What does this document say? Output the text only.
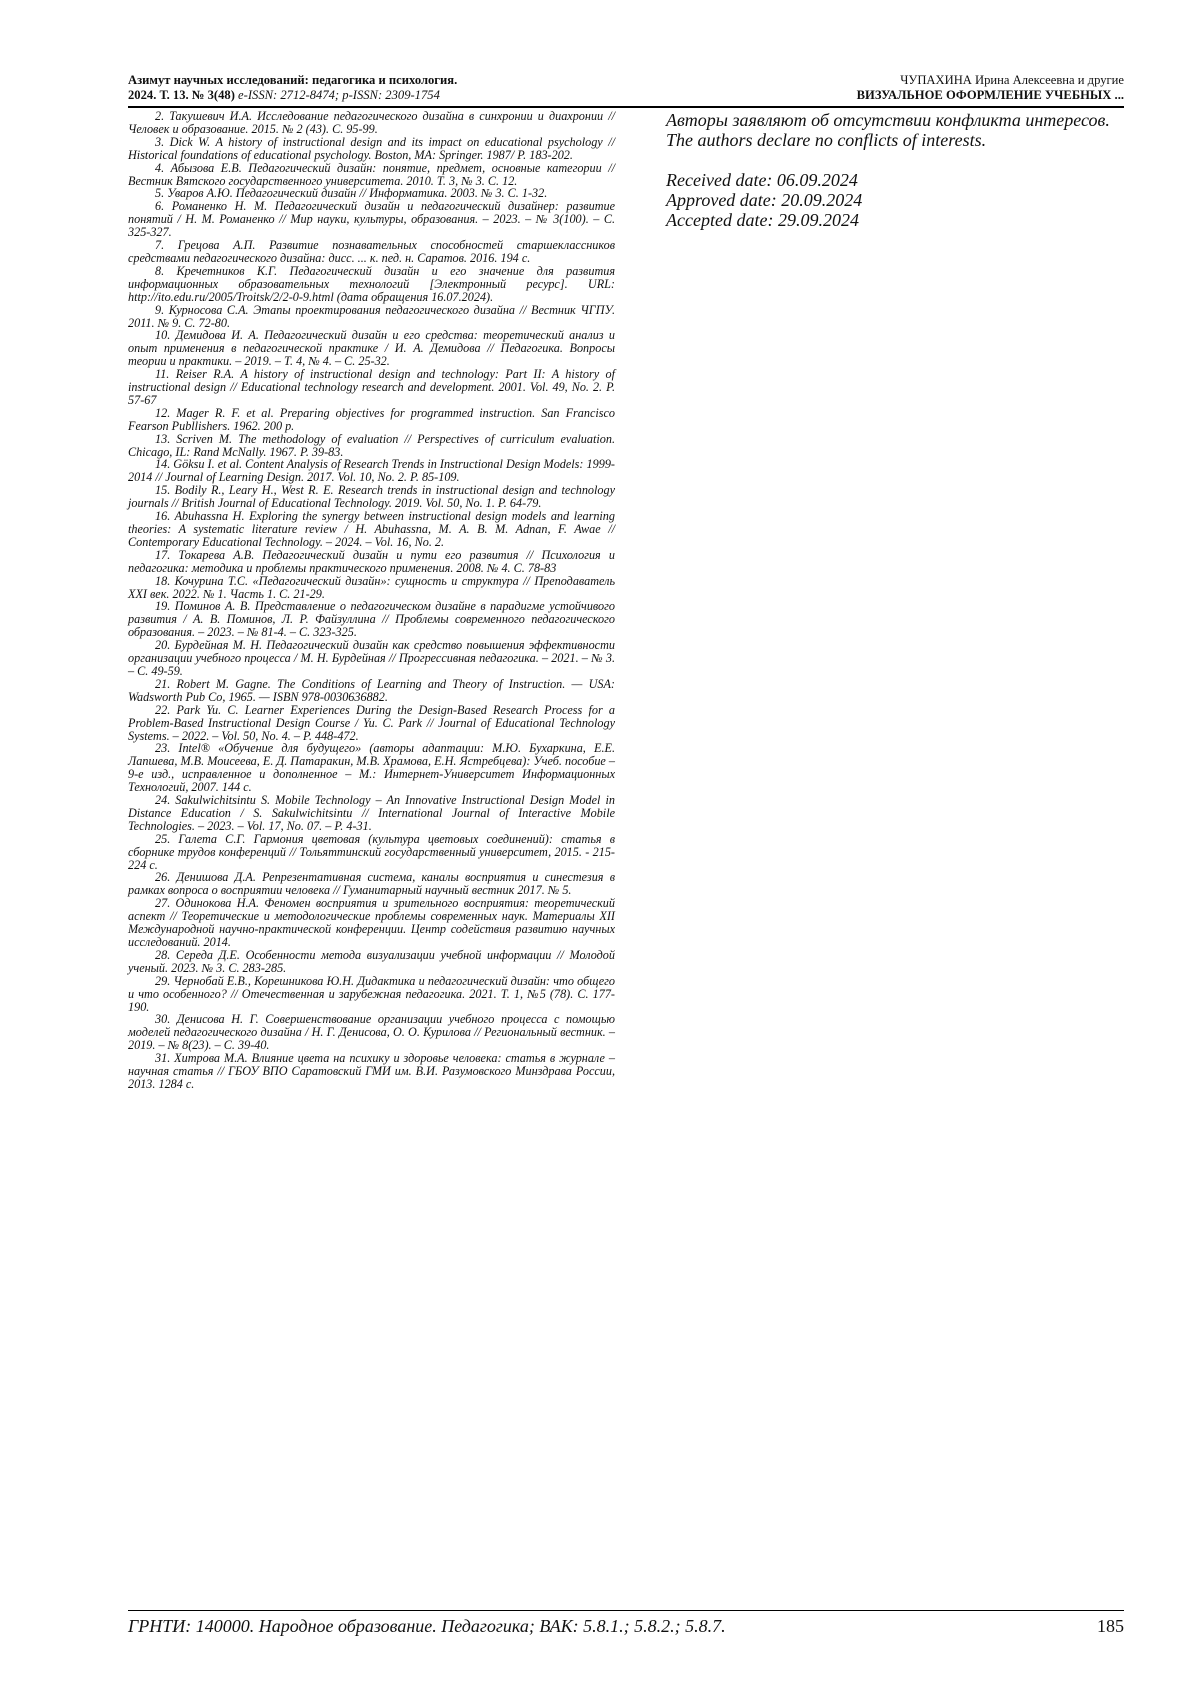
Азимут научных исследований: педагогика и психология.
2024. Т. 13. № 3(48) e-ISSN: 2712-8474; p-ISSN: 2309-1754
ЧУПАХИНА Ирина Алексеевна и другие
ВИЗУАЛЬНОЕ ОФОРМЛЕНИЕ УЧЕБНЫХ ...

2. Такушевич И.А. Исследование педагогического дизайна в синхронии и диахронии // Человек и образование. 2015. № 2 (43). С. 95-99.

3. Dick W. A history of instructional design and its impact on educational psychology // Historical foundations of educational psychology. Boston, MA: Springer. 1987/ P. 183-202.

4. Абызова Е.В. Педагогический дизайн: понятие, предмет, основные категории // Вестник Вятского государственного университета. 2010. Т. 3, № 3. С. 12.

5. Уваров А.Ю. Педагогический дизайн // Информатика. 2003. № 3. С. 1-32.

6. Романенко Н. М. Педагогический дизайн и педагогический дизайнер: развитие понятий / Н. М. Романенко // Мир науки, культуры, образования. – 2023. – № 3(100). – С. 325-327.

7. Грецова А.П. Развитие познавательных способностей старшеклассников средствами педагогического дизайна: дисс. ... к. пед. н. Саратов. 2016. 194 с.

8. Кречетников К.Г. Педагогический дизайн и его значение для развития информационных образовательных технологий [Электронный ресурс]. URL: http://ito.edu.ru/2005/Troitsk/2/2-0-9.html (дата обращения 16.07.2024).

9. Курносова С.А. Этапы проектирования педагогического дизайна // Вестник ЧГПУ. 2011. № 9. С. 72-80.

10. Демидова И. А. Педагогический дизайн и его средства: теоретический анализ и опыт применения в педагогической практике / И. А. Демидова // Педагогика. Вопросы теории и практики. – 2019. – Т. 4, № 4. – С. 25-32.

11. Reiser R.A. A history of instructional design and technology: Part II: A history of instructional design // Educational technology research and development. 2001. Vol. 49, No. 2. P. 57-67

12. Mager R. F. et al. Preparing objectives for programmed instruction. San Francisco Fearson Publlishers. 1962. 200 p.

13. Scriven M. The methodology of evaluation // Perspectives of curriculum evaluation. Chicago, IL: Rand McNally. 1967. P. 39-83.

14. Göksu I. et al. Content Analysis of Research Trends in Instructional Design Models: 1999-2014 // Journal of Learning Design. 2017. Vol. 10, No. 2. P. 85-109.

15. Bodily R., Leary H., West R. E. Research trends in instructional design and technology journals // British Journal of Educational Technology. 2019. Vol. 50, No. 1. P. 64-79.

16. Abuhassna H. Exploring the synergy between instructional design models and learning theories: A systematic literature review / H. Abuhassna, M. A. B. M. Adnan, F. Awae // Contemporary Educational Technology. – 2024. – Vol. 16, No. 2.

17. Токарева А.В. Педагогический дизайн и пути его развития // Психология и педагогика: методика и проблемы практического применения. 2008. № 4. С. 78-83

18. Кочурина Т.С. «Педагогический дизайн»: сущность и структура // Преподаватель XXI век. 2022. № 1. Часть 1. С. 21-29.

19. Поминов А. В. Представление о педагогическом дизайне в парадигме устойчивого развития / А. В. Поминов, Л. Р. Файзуллина // Проблемы современного педагогического образования. – 2023. – № 81-4. – С. 323-325.

20. Бурдейная М. Н. Педагогический дизайн как средство повышения эффективности организации учебного процесса / М. Н. Бурдейная // Прогрессивная педагогика. – 2021. – № 3. – С. 49-59.

21. Robert M. Gagne. The Conditions of Learning and Theory of Instruction. — USA: Wadsworth Pub Co, 1965. — ISBN 978-0030636882.

22. Park Yu. C. Learner Experiences During the Design-Based Research Process for a Problem-Based Instructional Design Course / Yu. C. Park // Journal of Educational Technology Systems. – 2022. – Vol. 50, No. 4. – P. 448-472.

23. Intel® «Обучение для будущего» (авторы адаптации: М.Ю. Бухаркина, Е.Е. Лапшева, М.В. Моисеева, Е. Д. Патаракин, М.В. Храмова, Е.Н. Ястребцева): Учеб. пособие – 9-е изд., исправленное и дополненное – М.: Интернет-Университет Информационных Технологий, 2007. 144 с.

24. Sakulwichitsintu S. Mobile Technology – An Innovative Instructional Design Model in Distance Education / S. Sakulwichitsintu // International Journal of Interactive Mobile Technologies. – 2023. – Vol. 17, No. 07. – P. 4-31.

25. Галета С.Г. Гармония цветовая (культура цветовых соединений): статья в сборнике трудов конференций // Тольяттинский государственный университет, 2015. - 215-224 с.

26. Денишова Д.А. Репрезентативная система, каналы восприятия и синестезия в рамках вопроса о восприятии человека // Гуманитарный научный вестник 2017. № 5.

27. Одинокова Н.А. Феномен восприятия и зрительного восприятия: теоретический аспект // Теоретические и методологические проблемы современных наук. Материалы XII Международной научно-практической конференции. Центр содействия развитию научных исследований. 2014.

28. Середа Д.Е. Особенности метода визуализации учебной информации // Молодой ученый. 2023. № 3. С. 283-285.

29. Чернобай Е.В., Корешникова Ю.Н. Дидактика и педагогический дизайн: что общего и что особенного? // Отечественная и зарубежная педагогика. 2021. Т. 1, №5 (78). С. 177-190.

30. Денисова Н. Г. Совершенствование организации учебного процесса с помощью моделей педагогического дизайна / Н. Г. Денисова, О. О. Курилова // Региональный вестник. – 2019. – № 8(23). – С. 39-40.

31. Хитрова М.А. Влияние цвета на психику и здоровье человека: статья в журнале – научная статья // ГБОУ ВПО Саратовский ГМИ им. В.И. Разумовского Минздрава России, 2013. 1284 с.

Авторы заявляют об отсутствии конфликта интересов.

The authors declare no conflicts of interests.

Received date: 06.09.2024

Approved date: 20.09.2024

Accepted date: 29.09.2024

ГРНТИ: 140000. Народное образование. Педагогика; ВАК: 5.8.1.; 5.8.2.; 5.8.7.	185
